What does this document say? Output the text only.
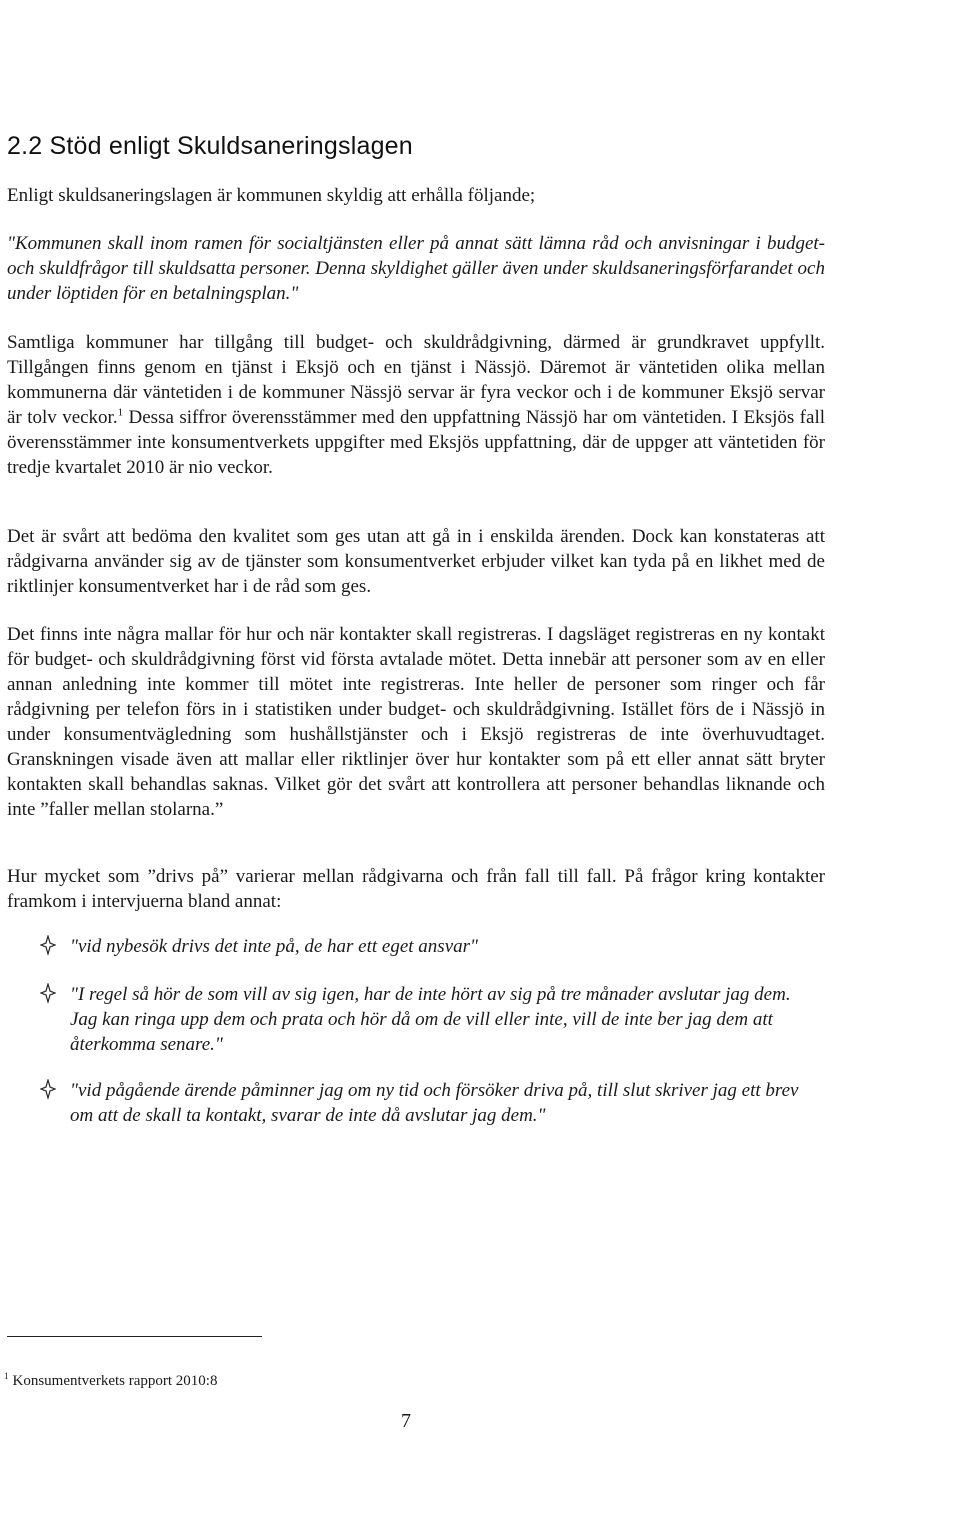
2.2 Stöd enligt Skuldsaneringslagen

Enligt skuldsaneringslagen är kommunen skyldig att erhålla följande;

"Kommunen skall inom ramen för socialtjänsten eller på annat sätt lämna råd och anvisningar i budget- och skuldfrågor till skuldsatta personer. Denna skyldighet gäller även under skuldsaneringsförfarandet och under löptiden för en betalningsplan."

Samtliga kommuner har tillgång till budget- och skuldrådgivning, därmed är grundkravet uppfyllt. Tillgången finns genom en tjänst i Eksjö och en tjänst i Nässjö. Däremot är väntetiden olika mellan kommunerna där väntetiden i de kommuner Nässjö servar är fyra veckor och i de kommuner Eksjö servar är tolv veckor.$^1$ Dessa siffror överensstämmer med den uppfattning Nässjö har om väntetiden. I Eksjös fall överensstämmer inte konsumentverkets uppgifter med Eksjös uppfattning, där de uppger att väntetiden för tredje kvartalet 2010 är nio veckor.

Det är svårt att bedöma den kvalitet som ges utan att gå in i enskilda ärenden. Dock kan konstateras att rådgivarna använder sig av de tjänster som konsumentverket erbjuder vilket kan tyda på en likhet med de riktlinjer konsumentverket har i de råd som ges.

Det finns inte några mallar för hur och när kontakter skall registreras. I dagsläget registreras en ny kontakt för budget- och skuldrådgivning först vid första avtalade mötet. Detta innebär att personer som av en eller annan anledning inte kommer till mötet inte registreras. Inte heller de personer som ringer och får rådgivning per telefon förs in i statistiken under budget- och skuldrådgivning. Istället förs de i Nässjö in under konsumentvägledning som hushållstjänster och i Eksjö registreras de inte överhuvudtaget. Granskningen visade även att mallar eller riktlinjer över hur kontakter som på ett eller annat sätt bryter kontakten skall behandlas saknas. Vilket gör det svårt att kontrollera att personer behandlas liknande och inte ”faller mellan stolarna.”

Hur mycket som ”drivs på” varierar mellan rådgivarna och från fall till fall. På frågor kring kontakter framkom i intervjuerna bland annat:

"vid nybesök drivs det inte på, de har ett eget ansvar"
"I regel så hör de som vill av sig igen, har de inte hört av sig på tre månader avslutar jag dem. Jag kan ringa upp dem och prata och hör då om de vill eller inte, vill de inte ber jag dem att återkomma senare."
"vid pågående ärende påminner jag om ny tid och försöker driva på, till slut skriver jag ett brev om att de skall ta kontakt, svarar de inte då avslutar jag dem."
$^1$ Konsumentverkets rapport 2010:8
7
